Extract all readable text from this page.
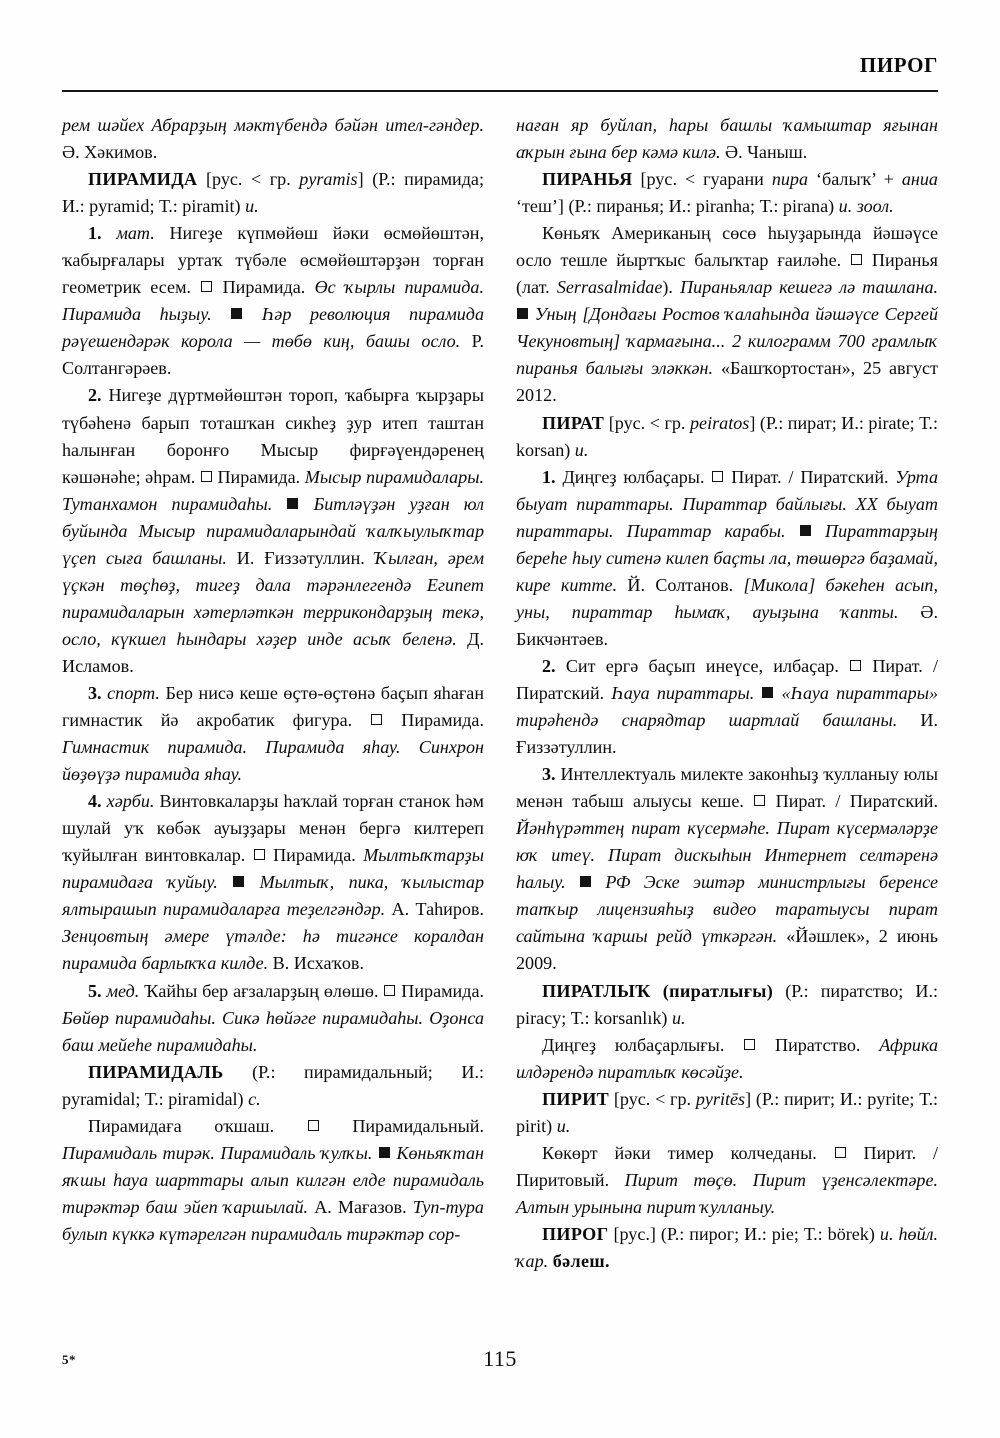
ПИРОГ

рем шәйех Абрарҙың мәктүбендә бәйән ител-гәндер. Ә. Хәкимов.

ПИРАМИДА [рус. < гр. pyramis] (Р.: пирамида; И.: pyramid; Т.: piramit) и.

1. мат. Нигеҙе күпмөйөш йәки өсмөйөштән, ҡабырғалары уртаҡ түбәле өсмөйөштәрҙән торған геометрик есем. Пирамида. Өс ҡырлы пирамида. Пирамида һыҙыу.	Һәр революция пирамида рәүешендәрәк корола — төбө киң, башы осло. Р. Солтангәрәев.

2. Нигеҙе дүртмөйөштән тороп, ҡабырға ҡырҙары түбәһенә барып тоташҡан сикһеҙ ҙур итеп таштан һалынған боронғо Мысыр фирғәүендәренең кәшәнәһе; әһрам. Пирамида. Мысыр пирамидалары. Тутанхамон пирамидаһы. Битләүҙән уҙған юл буйында Мысыр пирамидаларындай ҡалҡыулыҡтар үҫеп сыға башланы. И. Ғиззәтуллин. Ҡылған, әрем үҫкән төҫһөҙ, тигеҙ дала тәрәнлегендә Египет пирамидаларын хәтерләткән террикондарҙың текә, осло, күкшел һындары хәҙер инде асыҡ беленә. Д. Исламов.

3. спорт. Бер нисә кеше өҫтө-өҫтөнә баҫып яһаған гимнастик йә акробатик фигура.	Пирамида. Гимнастик пирамида. Пирамида яһау. Синхрон йөҙөүҙә пирамида яһау.

4. хәрби. Винтовкаларҙы һаҡлай торған станок һәм шулай уҡ көбәк ауыҙҙары менән бергә килтереп ҡуйылған винтовкалар. Пирамида. Мылтыҡтарҙы пирамидаға ҡуйыу. Мылтыҡ, пика, ҡылыстар ялтырашып пирамидаларға теҙелгәндәр. А. Таһиров. Зенцовтың әмере үтәлде: һә тигәнсе коралдан пирамида барлыҡҡа килде. В. Исхаҡов.

5. мед. Ҡайһы бер ағзаларҙың өлөшө. Пирамида. Бөйөр пирамидаһы. Сикә һөйәге пирамидаһы. Оҙонса баш мейеһе пирамидаһы.

ПИРАМИДАЛЬ (Р.: пирамидальный; И.: pyramidal; Т.: piramidal) с.

Пирамидаға оҡшаш.	Пирамидальный. Пирамидаль тирәк. Пирамидаль ҡулҡы. Көньяҡтан яҡшы һауа шарттары алып килгән елде пирамидаль тирәктәр баш эйеп ҡаршылай. А. Мағазов. Туп-тура булып күккә күтәрелгән пирамидаль тирәктәр сор-

наған яр буйлап, һары башлы ҡамыштар яғынан аҡрын ғына бер кәмә килә. Ә. Чаныш.

ПИРАНЬЯ [рус. < гуарани пира ‘балыҡ’ + аниа ‘теш’] (Р.: пиранья; И.: piranha; Т.: pirana) и. зоол.

Көньяҡ Американың сөсө һыуҙарында йәшәүсе осло тешле йыртҡыс балыҡтар ғаиләһе. Пиранья (лат. Serrasalmidae). Пираньялар кешегә лә ташлана.  Уның [Дондағы Ростов ҡалаһында йәшәүсе Сергей Чекуновтың] ҡармағына... 2 килограмм 700 грамлыҡ пиранья балығы эләккән. «Башҡортостан», 25 август 2012.

ПИРАТ [рус. < гр. peiratos] (Р.: пират; И.: pirate; Т.: korsan) и.

1. Диңгеҙ юлбаҫары. Пират. / Пиратский. Урта быуат пираттары. Пираттар байлығы. ХХ быуат пираттары. Пираттар карабы. Пираттарҙың береһе һыу ситенә килеп баҫты ла, төшөргә баҙамай, кире китте. Й. Солтанов. [Микола] бәкеһен асып, уны, пираттар һымаҡ, ауыҙына ҡапты. Ә. Бикчәнтәев.

2. Сит ергә баҫып инеүсе, илбаҫар. Пират. / Пиратский. Һауа пираттары. «Һауа пираттары» тирәһендә снарядтар шартлай башланы. И. Ғиззәтуллин.

3. Интеллектуаль милекте законһыҙ ҡулланыу юлы менән табыш алыусы кеше. Пират. / Пиратский. Йәнһүрәттең пират күсермәһе. Пират күсермәләрҙе юҡ итеү. Пират дискыһын Интернет селтәренә һалыу. РФ Эске эштәр министрлығы беренсе тапҡыр лицензияһыҙ видео таратыусы пират сайтына ҡаршы рейд үткәргән. «Йәшлек», 2 июнь 2009.

ПИРАТЛЫҠ (пиратлығы) (Р.: пиратство; И.: piracy; Т.: korsanlık) и.

Диңгеҙ юлбаҫарлығы.	Пиратство. Африка илдәрендә пиратлыҡ көсәйҙе.

ПИРИТ [рус. < гр. pyritēs] (Р.: пирит; И.: pyrite; Т.: pirit) и.

Көкөрт йәки тимер колчеданы.	Пирит. / Пиритовый. Пирит төҫө. Пирит үҙенсәлектәре. Алтын урынына пирит ҡулланыу.

ПИРОГ [рус.] (Р.: пирог; И.: pie; Т.: börek) и. һөйл. ҡар. бәлеш.

5*	115
